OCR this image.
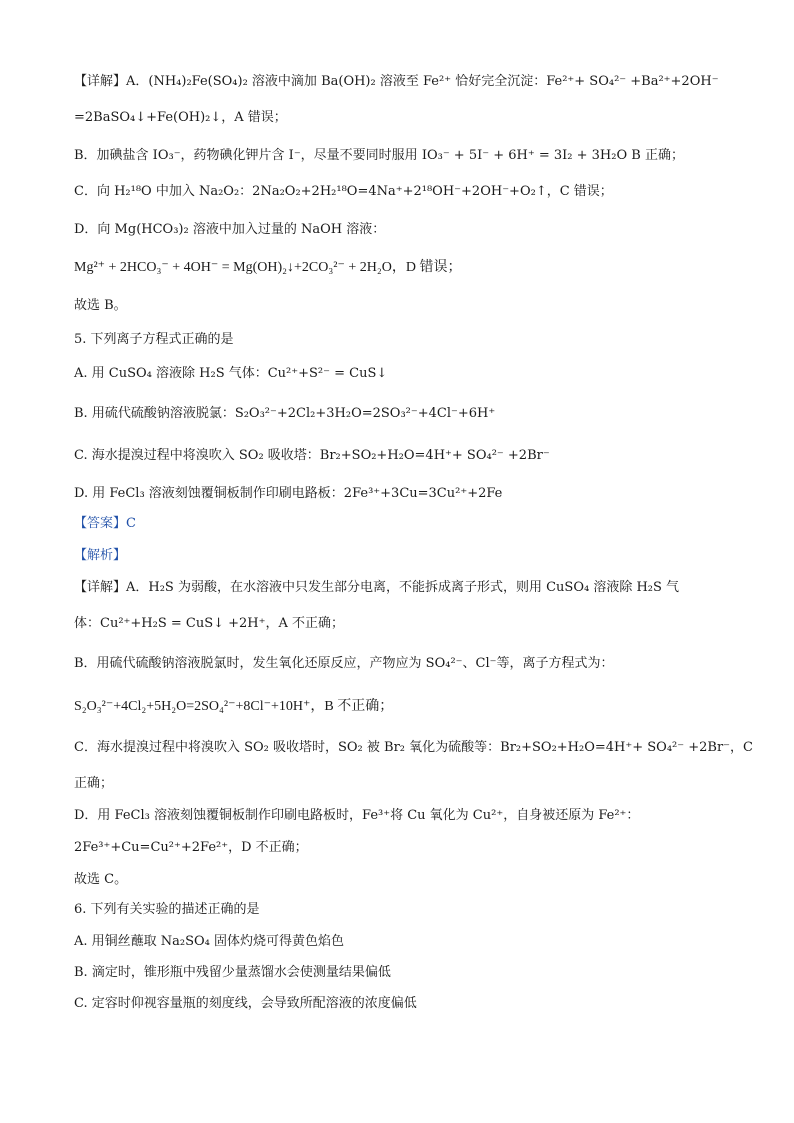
【详解】A．(NH₄)₂Fe(SO₄)₂ 溶液中滴加 Ba(OH)₂ 溶液至 Fe²⁺ 恰好完全沉淀：Fe²⁺+ SO₄²⁻ +Ba²⁺+2OH⁻
=2BaSO₄↓+Fe(OH)₂↓，A 错误；
B．加碘盐含 IO₃⁻，药物碘化钾片含 I⁻，尽量不要同时服用 IO₃⁻ + 5I⁻ + 6H⁺ = 3I₂ + 3H₂O B 正确；
C．向 H₂¹⁸O 中加入 Na₂O₂：2Na₂O₂+2H₂¹⁸O=4Na⁺+2¹⁸OH⁻+2OH⁻+O₂↑，C 错误；
D．向 Mg(HCO₃)₂ 溶液中加入过量的 NaOH 溶液：
Mg²⁺ + 2HCO₃⁻ + 4OH⁻ = Mg(OH)₂↓+2CO₃²⁻ + 2H₂O，D 错误；
故选 B。
5. 下列离子方程式正确的是
A. 用 CuSO₄ 溶液除 H₂S 气体：Cu²⁺+S²⁻ = CuS↓
B. 用硫代硫酸钠溶液脱氯：S₂O₃²⁻+2Cl₂+3H₂O=2SO₃²⁻+4Cl⁻+6H⁺
C. 海水提溴过程中将溴吹入 SO₂ 吸收塔：Br₂+SO₂+H₂O=4H⁺+ SO₄²⁻ +2Br⁻
D. 用 FeCl₃ 溶液刻蚀覆铜板制作印刷电路板：2Fe³⁺+3Cu=3Cu²⁺+2Fe
【答案】C
【解析】
【详解】A．H₂S 为弱酸，在水溶液中只发生部分电离，不能拆成离子形式，则用 CuSO₄ 溶液除 H₂S 气
体：Cu²⁺+H₂S = CuS↓ +2H⁺，A 不正确；
B．用硫代硫酸钠溶液脱氯时，发生氧化还原反应，产物应为 SO₄²⁻、Cl⁻等，离子方程式为：
S₂O₃²⁻+4Cl₂+5H₂O=2SO₄²⁻+8Cl⁻+10H⁺，B 不正确；
C．海水提溴过程中将溴吹入 SO₂ 吸收塔时，SO₂ 被 Br₂ 氧化为硫酸等：Br₂+SO₂+H₂O=4H⁺+ SO₄²⁻ +2Br⁻，C
正确；
D．用 FeCl₃ 溶液刻蚀覆铜板制作印刷电路板时，Fe³⁺将 Cu 氧化为 Cu²⁺，自身被还原为 Fe²⁺：
2Fe³⁺+Cu=Cu²⁺+2Fe²⁺，D 不正确；
故选 C。
6. 下列有关实验的描述正确的是
A. 用铜丝蘸取 Na₂SO₄ 固体灼烧可得黄色焰色
B. 滴定时，锥形瓶中残留少量蒸馏水会使测量结果偏低
C. 定容时仰视容量瓶的刻度线，会导致所配溶液的浓度偏低
